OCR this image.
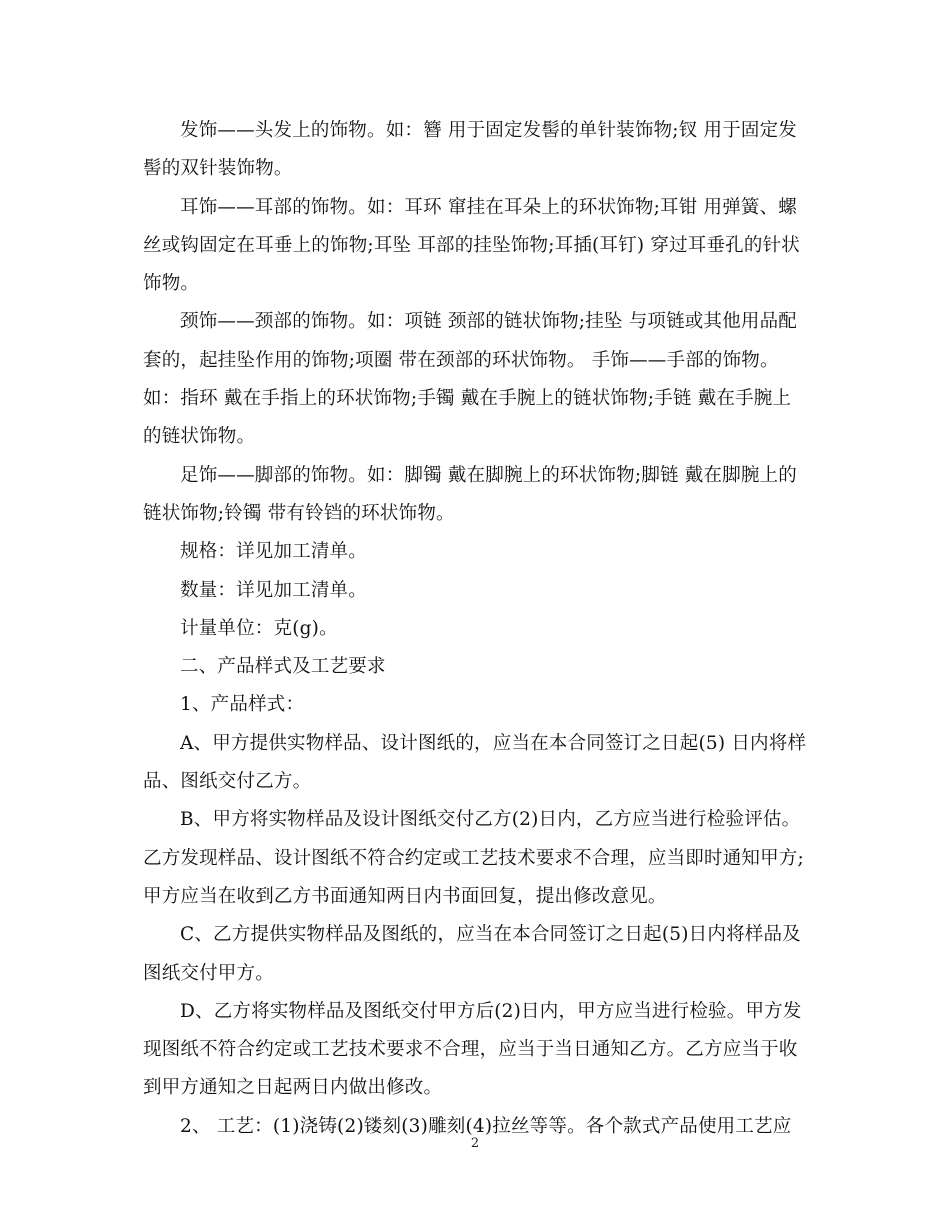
发饰——头发上的饰物。如：簪 用于固定发髻的单针装饰物;钗 用于固定发髻的双针装饰物。

耳饰——耳部的饰物。如：耳环 窜挂在耳朵上的环状饰物;耳钳 用弹簧、螺丝或钩固定在耳垂上的饰物;耳坠 耳部的挂坠饰物;耳插(耳钉) 穿过耳垂孔的针状饰物。

颈饰——颈部的饰物。如：项链 颈部的链状饰物;挂坠 与项链或其他用品配套的，起挂坠作用的饰物;项圈 带在颈部的环状饰物。 手饰——手部的饰物。如：指环 戴在手指上的环状饰物;手镯 戴在手腕上的链状饰物;手链 戴在手腕上的链状饰物。

足饰——脚部的饰物。如：脚镯 戴在脚腕上的环状饰物;脚链 戴在脚腕上的链状饰物;铃镯 带有铃铛的环状饰物。

规格：详见加工清单。

数量：详见加工清单。

计量单位：克(g)。

二、产品样式及工艺要求

1、产品样式：

A、甲方提供实物样品、设计图纸的，应当在本合同签订之日起(5) 日内将样品、图纸交付乙方。

B、甲方将实物样品及设计图纸交付乙方(2)日内，乙方应当进行检验评估。乙方发现样品、设计图纸不符合约定或工艺技术要求不合理，应当即时通知甲方;甲方应当在收到乙方书面通知两日内书面回复，提出修改意见。

C、乙方提供实物样品及图纸的，应当在本合同签订之日起(5)日内将样品及图纸交付甲方。

D、乙方将实物样品及图纸交付甲方后(2)日内，甲方应当进行检验。甲方发现图纸不符合约定或工艺技术要求不合理，应当于当日通知乙方。乙方应当于收到甲方通知之日起两日内做出修改。

2、 工艺：(1)浇铸(2)镂刻(3)雕刻(4)拉丝等等。各个款式产品使用工艺应

2
